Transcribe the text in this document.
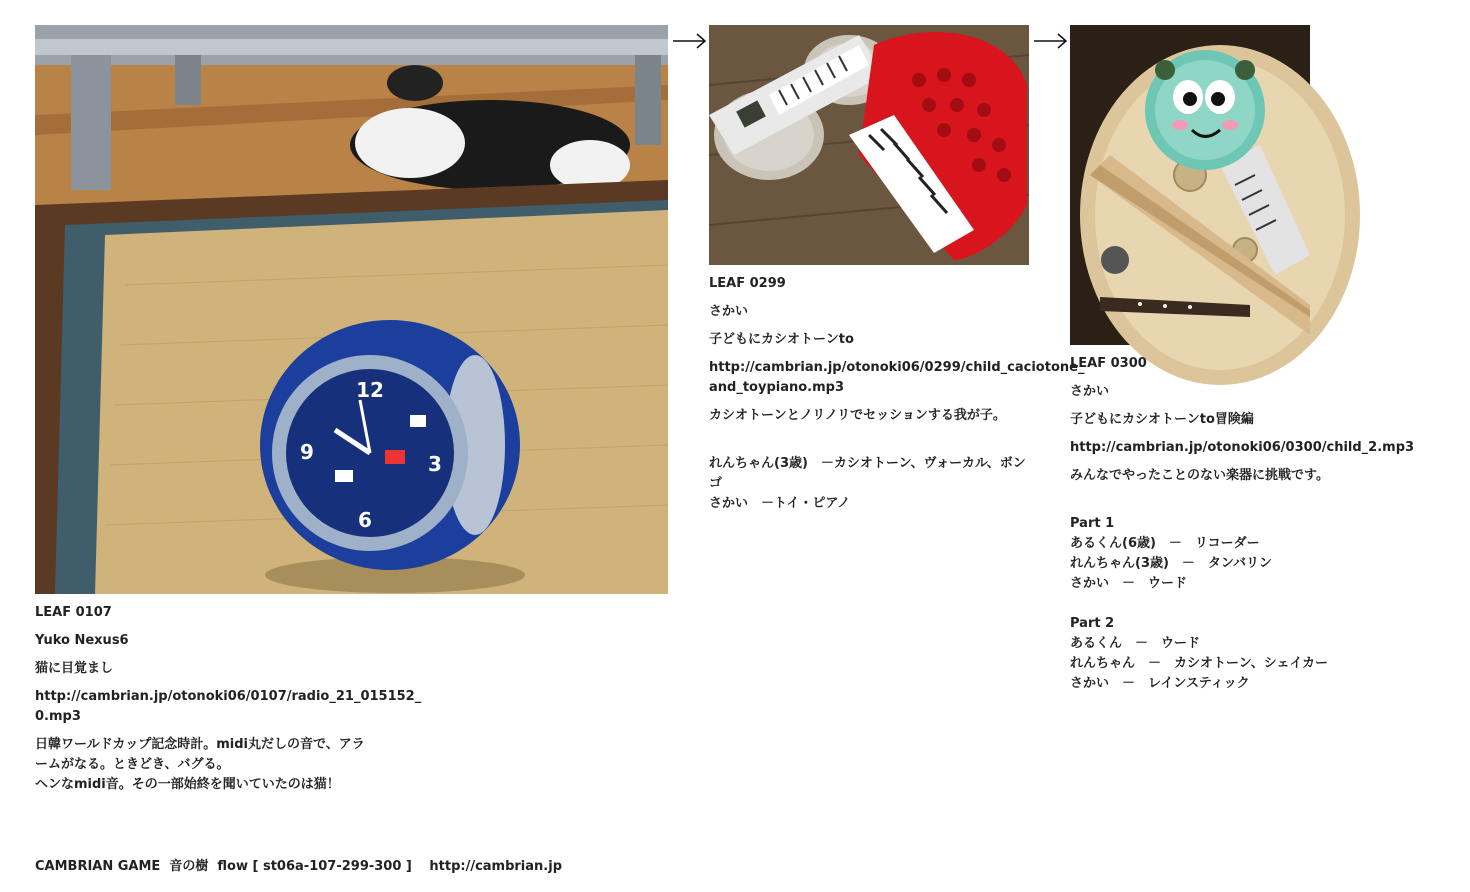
12
3
6
9

LEAF 0107

Yuko Nexus6

猫に目覚まし

http://cambrian.jp/otonoki06/0107/radio_21_015152_0.mp3

日韓ワールドカップ記念時計。midi丸だしの音で、アラームがなる。ときどき、バグる。
ヘンなmidi音。その一部始終を聞いていたのは猫！

LEAF 0299

さかい

子どもにカシオトーンto

http://cambrian.jp/otonoki06/0299/child_caciotone_and_toypiano.mp3

カシオトーンとノリノリでセッションする我が子。

れんちゃん(3歳)　－カシオトーン、ヴォーカル、ボンゴ
さかい　－トイ・ピアノ

LEAF 0300

さかい

子どもにカシオトーンto冒険編

http://cambrian.jp/otonoki06/0300/child_2.mp3

みんなでやったことのない楽器に挑戦です。

Part 1
あるくん(6歳)　－　リコーダー
れんちゃん(3歳)　－　タンバリン
さかい　－　ウード

Part 2
あるくん　－　ウード
れんちゃん　－　カシオトーン、シェイカー
さかい　－　レインスティック

CAMBRIAN GAME  音の樹  flow [ st06a-107-299-300 ]　 http://cambrian.jp
